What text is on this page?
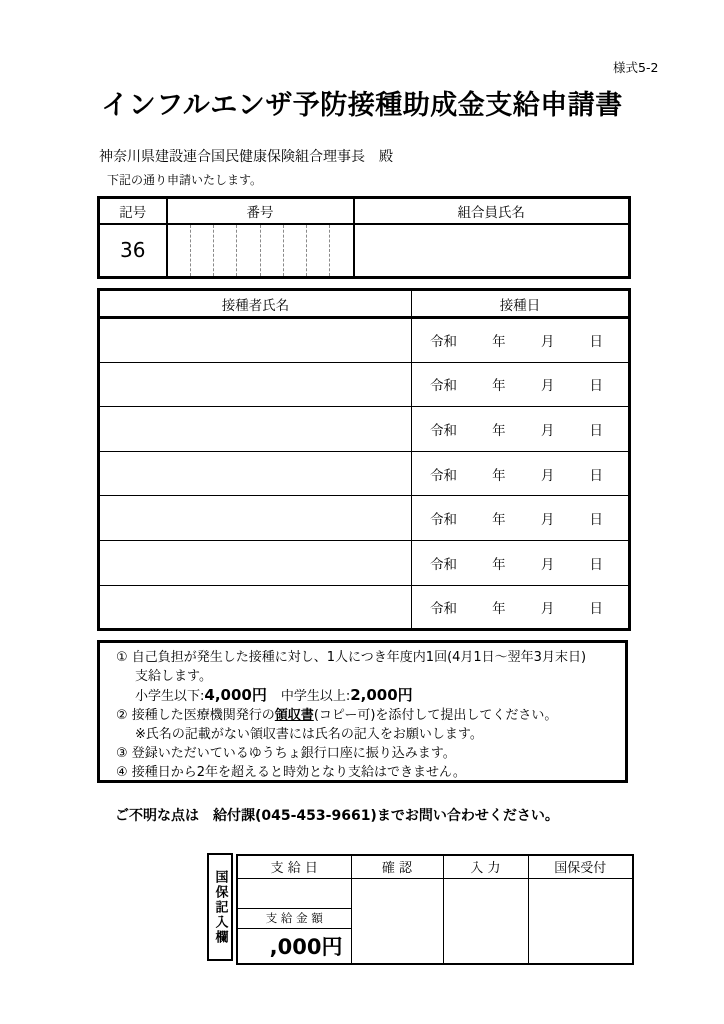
様式5-2
インフルエンザ予防接種助成金支給申請書
神奈川県建設連合国民健康保険組合理事長　殿
下記の通り申請いたします。
記号	番号	組合員氏名
36	

接種者氏名	接種日

	令和 年 月 日

	令和 年 月 日

	令和 年 月 日

	令和 年 月 日

	令和 年 月 日

	令和 年 月 日

	令和 年 月 日
① 自己負担が発生した接種に対し、1人につき年度内1回(4月1日～翌年3月末日)
支給します。
小学生以下:4,000円 中学生以上:2,000円
② 接種した医療機関発行の領収書(コピー可)を添付して提出してください。
※氏名の記載がない領収書には氏名の記入をお願いします。
③ 登録いただいているゆうちょ銀行口座に振り込みます。
④ 接種日から2年を超えると時効となり支給はできません。
ご不明な点は　給付課(045-453-9661)までお問い合わせください。
国保記入欄
支 給 日	確 認	入 力	国保受付

支 給 金 額			
,000円			
